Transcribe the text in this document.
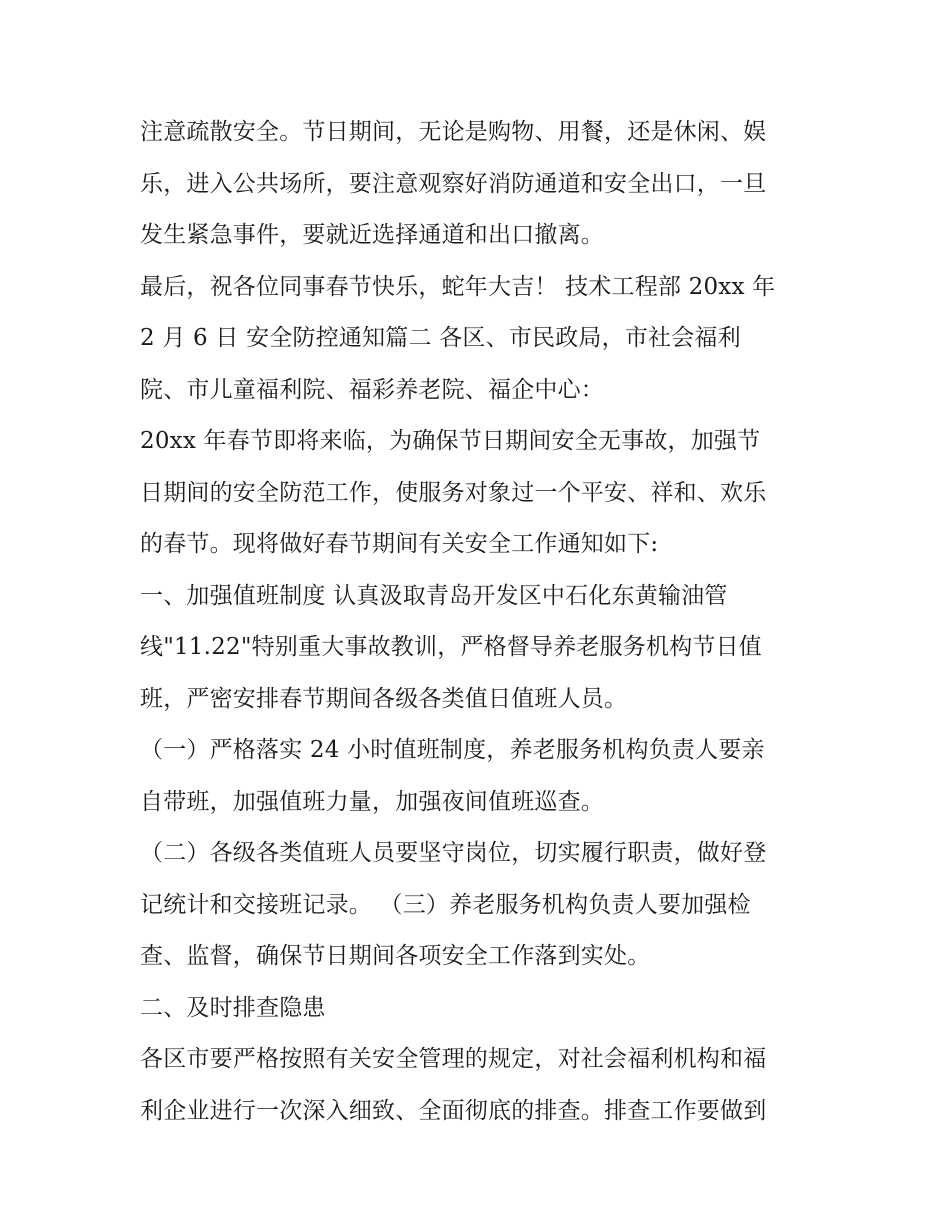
注意疏散安全。节日期间，无论是购物、用餐，还是休闲、娱
乐，进入公共场所，要注意观察好消防通道和安全出口，一旦
发生紧急事件，要就近选择通道和出口撤离。
最后，祝各位同事春节快乐，蛇年大吉！ 技术工程部 20xx 年
2 月 6 日 安全防控通知篇二 各区、市民政局，市社会福利
院、市儿童福利院、福彩养老院、福企中心：
20xx 年春节即将来临，为确保节日期间安全无事故，加强节
日期间的安全防范工作，使服务对象过一个平安、祥和、欢乐
的春节。现将做好春节期间有关安全工作通知如下:
一、加强值班制度 认真汲取青岛开发区中石化东黄输油管
线"11.22"特别重大事故教训，严格督导养老服务机构节日值
班，严密安排春节期间各级各类值日值班人员。
（一）严格落实 24 小时值班制度，养老服务机构负责人要亲
自带班，加强值班力量，加强夜间值班巡查。
（二）各级各类值班人员要坚守岗位，切实履行职责，做好登
记统计和交接班记录。 （三）养老服务机构负责人要加强检
查、监督，确保节日期间各项安全工作落到实处。
二、及时排查隐患
各区市要严格按照有关安全管理的规定，对社会福利机构和福
利企业进行一次深入细致、全面彻底的排查。排查工作要做到
